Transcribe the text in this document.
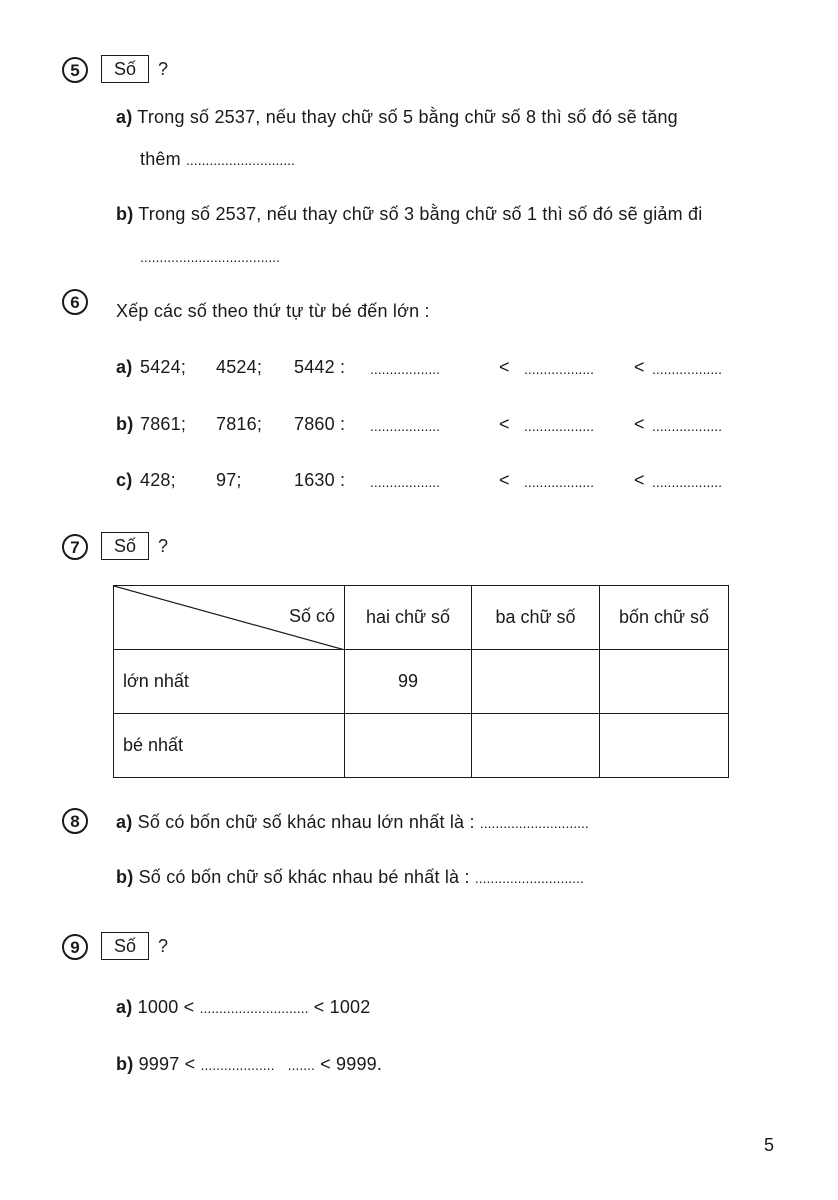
5	Số	?
a) Trong số 2537, nếu thay chữ số 5 bằng chữ số 8 thì số đó sẽ tăng
thêm ............................
b) Trong số 2537, nếu thay chữ số 3 bằng chữ số 1 thì số đó sẽ giảm đi
....................................
6	Xếp các số theo thứ tự từ bé đến lớn :
a) 5424; 4524; 5442 : ..................	< .................. < ..................
b) 7861; 7816; 7860 : ..................	< .................. < ..................
c) 428; 97;	1630 : ..................	< .................. < ..................
7	Số	?
Số có	hai chữ số	ba chữ số	bốn chữ số
lớn nhất	99		
bé nhất			
8	a) Số có bốn chữ số khác nhau lớn nhất là : ............................
b) Số có bốn chữ số khác nhau bé nhất là : ............................
9	Số	?
a) 1000 < ............................ < 1002
b) 9997 < ................... ....... < 9999.
5
